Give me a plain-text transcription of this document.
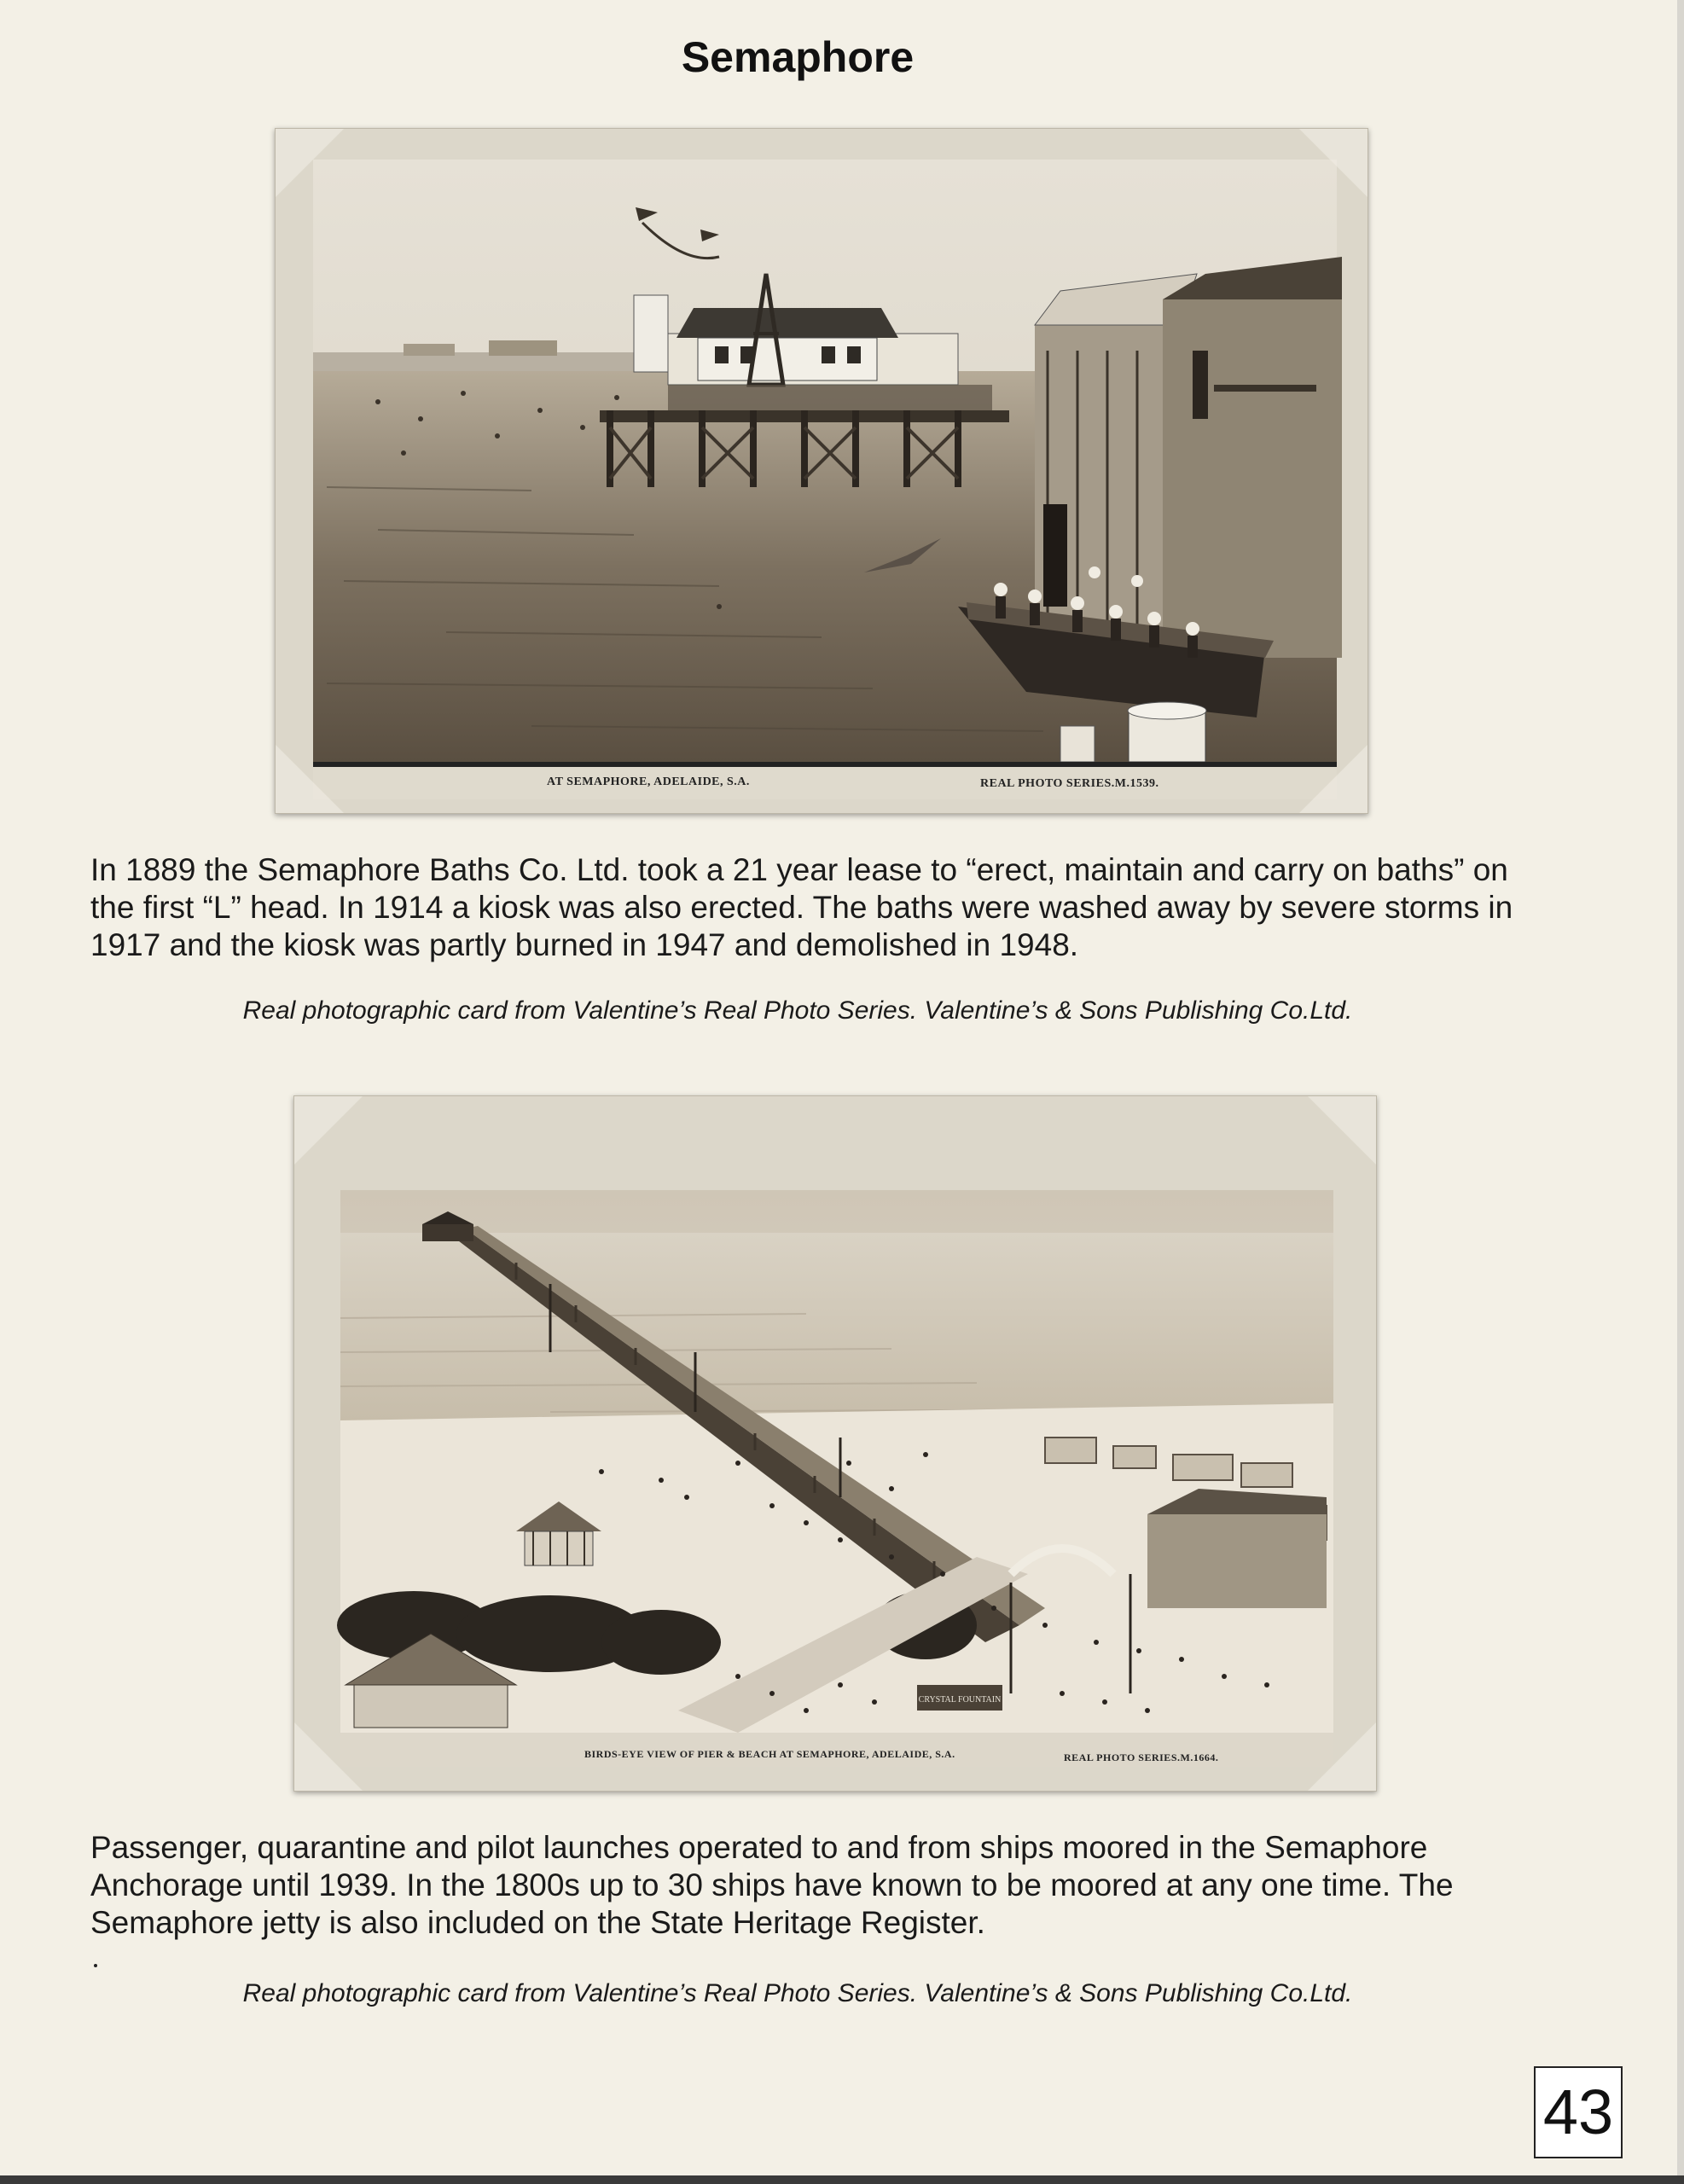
Semaphore
AT SEMAPHORE, ADELAIDE, S.A.	REAL PHOTO SERIES.M.1539.
In 1889 the Semaphore Baths Co. Ltd. took a 21 year lease to “erect, maintain and carry on baths” on the first “L” head. In 1914 a kiosk was also erected. The baths were washed away by severe storms in 1917 and the kiosk was partly burned in 1947 and demolished in 1948.
Real photographic card from Valentine’s Real Photo Series. Valentine’s & Sons Publishing Co.Ltd.
CRYSTAL FOUNTAIN
BIRDS-EYE VIEW OF PIER & BEACH AT SEMAPHORE, ADELAIDE, S.A.	REAL PHOTO SERIES.M.1664.
Passenger, quarantine and pilot launches operated to and from ships moored in the Semaphore Anchorage until 1939. In the 1800s up to 30 ships have known to be moored at any one time. The Semaphore jetty is also included on the State Heritage Register.
Real photographic card from Valentine’s Real Photo Series. Valentine’s & Sons Publishing Co.Ltd.
43
